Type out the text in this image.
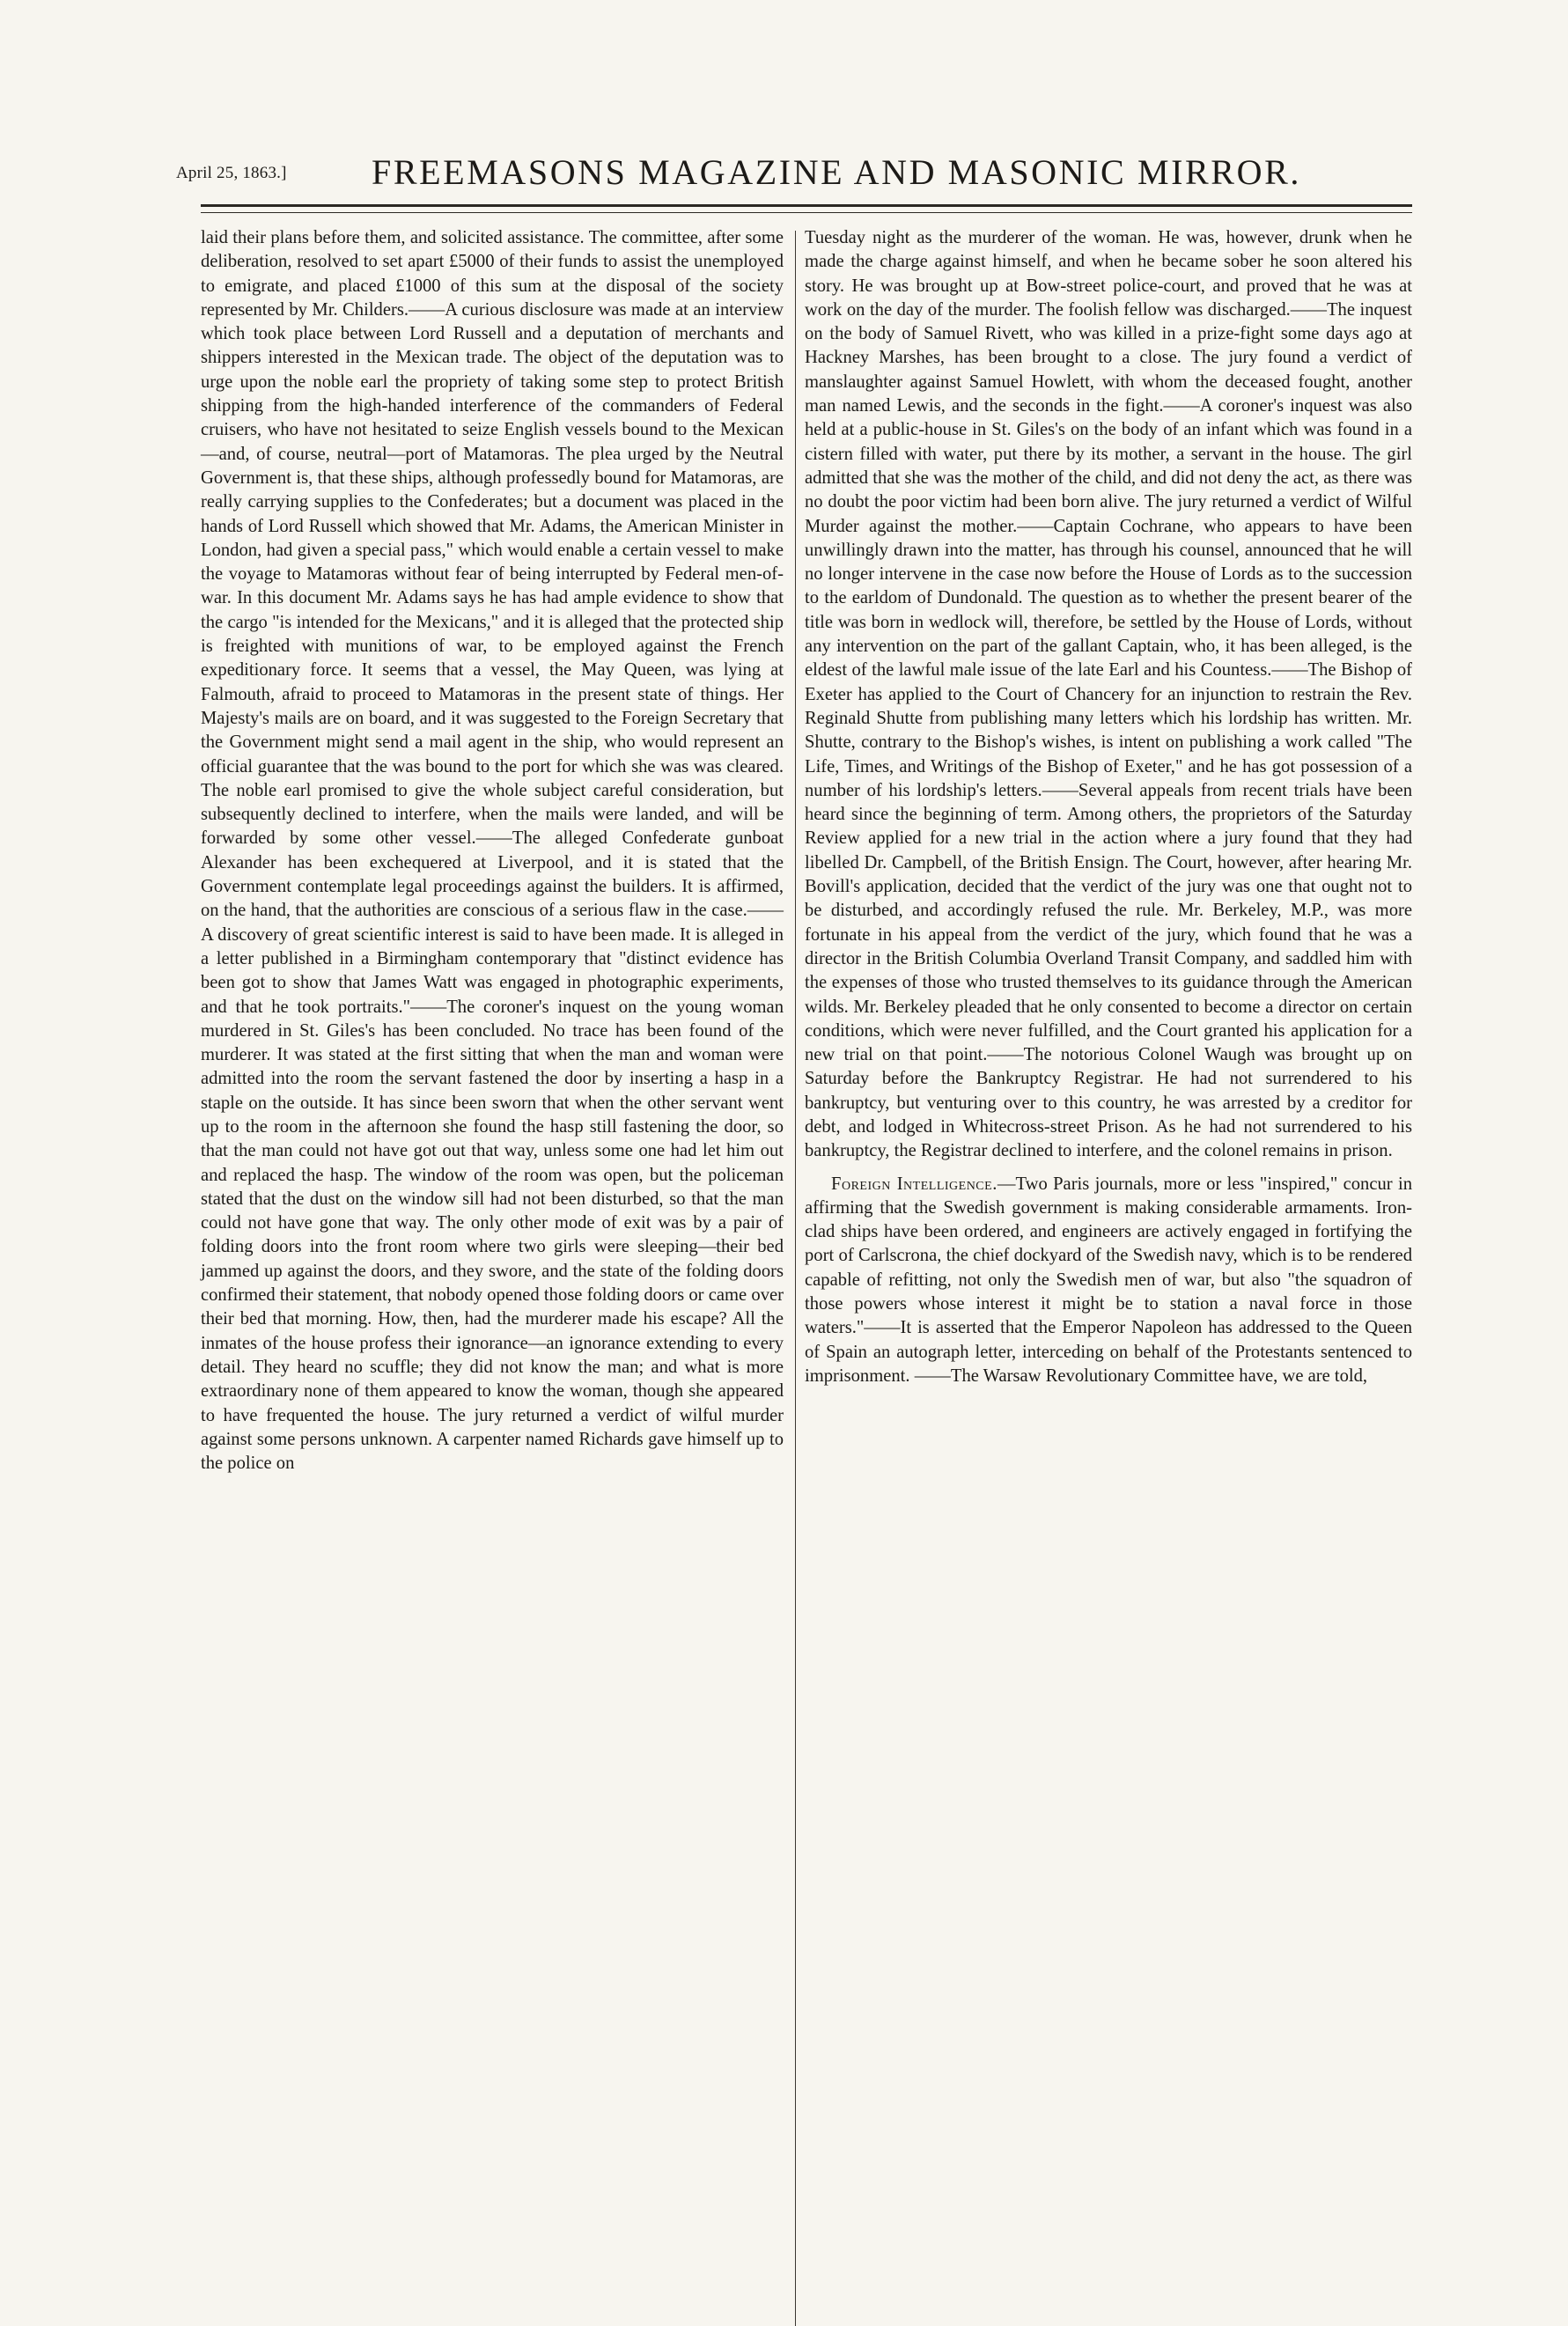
April 25, 1863.] FREEMASONS MAGAZINE AND MASONIC MIRROR.

laid their plans before them, and solicited assistance. The committee, after some deliberation, resolved to set apart £5000 of their funds to assist the unemployed to emigrate, and placed £1000 of this sum at the disposal of the society represented by Mr. Childers.——A curious disclosure was made at an interview which took place between Lord Russell and a deputation of merchants and shippers interested in the Mexican trade. The object of the deputation was to urge upon the noble earl the propriety of taking some step to protect British shipping from the high-handed interference of the commanders of Federal cruisers, who have not hesitated to seize English vessels bound to the Mexican—and, of course, neutral—port of Matamoras. The plea urged by the Neutral Government is, that these ships, although professedly bound for Matamoras, are really carrying supplies to the Confederates; but a document was placed in the hands of Lord Russell which showed that Mr. Adams, the American Minister in London, had given a special pass," which would enable a certain vessel to make the voyage to Matamoras without fear of being interrupted by Federal men-of-war. In this document Mr. Adams says he has had ample evidence to show that the cargo "is intended for the Mexicans," and it is alleged that the protected ship is freighted with munitions of war, to be employed against the French expeditionary force. It seems that a vessel, the May Queen, was lying at Falmouth, afraid to proceed to Matamoras in the present state of things. Her Majesty's mails are on board, and it was suggested to the Foreign Secretary that the Government might send a mail agent in the ship, who would represent an official guarantee that the was bound to the port for which she was was cleared. The noble earl promised to give the whole subject careful consideration, but subsequently declined to interfere, when the mails were landed, and will be forwarded by some other vessel.——The alleged Confederate gunboat Alexander has been exchequered at Liverpool, and it is stated that the Government contemplate legal proceedings against the builders. It is affirmed, on the hand, that the authorities are conscious of a serious flaw in the case.——A discovery of great scientific interest is said to have been made. It is alleged in a letter published in a Birmingham contemporary that "distinct evidence has been got to show that James Watt was engaged in photographic experiments, and that he took portraits."——The coroner's inquest on the young woman murdered in St. Giles's has been concluded. No trace has been found of the murderer. It was stated at the first sitting that when the man and woman were admitted into the room the servant fastened the door by inserting a hasp in a staple on the outside. It has since been sworn that when the other servant went up to the room in the afternoon she found the hasp still fastening the door, so that the man could not have got out that way, unless some one had let him out and replaced the hasp. The window of the room was open, but the policeman stated that the dust on the window sill had not been disturbed, so that the man could not have gone that way. The only other mode of exit was by a pair of folding doors into the front room where two girls were sleeping—their bed jammed up against the doors, and they swore, and the state of the folding doors confirmed their statement, that nobody opened those folding doors or came over their bed that morning. How, then, had the murderer made his escape? All the inmates of the house profess their ignorance—an ignorance extending to every detail. They heard no scuffle; they did not know the man; and what is more extraordinary none of them appeared to know the woman, though she appeared to have frequented the house. The jury returned a verdict of wilful murder against some persons unknown. A carpenter named Richards gave himself up to the police on

Tuesday night as the murderer of the woman. He was, however, drunk when he made the charge against himself, and when he became sober he soon altered his story. He was brought up at Bow-street police-court, and proved that he was at work on the day of the murder. The foolish fellow was discharged.——The inquest on the body of Samuel Rivett, who was killed in a prize-fight some days ago at Hackney Marshes, has been brought to a close. The jury found a verdict of manslaughter against Samuel Howlett, with whom the deceased fought, another man named Lewis, and the seconds in the fight.——A coroner's inquest was also held at a public-house in St. Giles's on the body of an infant which was found in a cistern filled with water, put there by its mother, a servant in the house. The girl admitted that she was the mother of the child, and did not deny the act, as there was no doubt the poor victim had been born alive. The jury returned a verdict of Wilful Murder against the mother.——Captain Cochrane, who appears to have been unwillingly drawn into the matter, has through his counsel, announced that he will no longer intervene in the case now before the House of Lords as to the succession to the earldom of Dundonald. The question as to whether the present bearer of the title was born in wedlock will, therefore, be settled by the House of Lords, without any intervention on the part of the gallant Captain, who, it has been alleged, is the eldest of the lawful male issue of the late Earl and his Countess.——The Bishop of Exeter has applied to the Court of Chancery for an injunction to restrain the Rev. Reginald Shutte from publishing many letters which his lordship has written. Mr. Shutte, contrary to the Bishop's wishes, is intent on publishing a work called "The Life, Times, and Writings of the Bishop of Exeter," and he has got possession of a number of his lordship's letters.——Several appeals from recent trials have been heard since the beginning of term. Among others, the proprietors of the Saturday Review applied for a new trial in the action where a jury found that they had libelled Dr. Campbell, of the British Ensign. The Court, however, after hearing Mr. Bovill's application, decided that the verdict of the jury was one that ought not to be disturbed, and accordingly refused the rule. Mr. Berkeley, M.P., was more fortunate in his appeal from the verdict of the jury, which found that he was a director in the British Columbia Overland Transit Company, and saddled him with the expenses of those who trusted themselves to its guidance through the American wilds. Mr. Berkeley pleaded that he only consented to become a director on certain conditions, which were never fulfilled, and the Court granted his application for a new trial on that point.——The notorious Colonel Waugh was brought up on Saturday before the Bankruptcy Registrar. He had not surrendered to his bankruptcy, but venturing over to this country, he was arrested by a creditor for debt, and lodged in Whitecross-street Prison. As he had not surrendered to his bankruptcy, the Registrar declined to interfere, and the colonel remains in prison.

Foreign Intelligence.—Two Paris journals, more or less "inspired," concur in affirming that the Swedish government is making considerable armaments. Iron-clad ships have been ordered, and engineers are actively engaged in fortifying the port of Carlscrona, the chief dockyard of the Swedish navy, which is to be rendered capable of refitting, not only the Swedish men of war, but also "the squadron of those powers whose interest it might be to station a naval force in those waters."——It is asserted that the Emperor Napoleon has addressed to the Queen of Spain an autograph letter, interceding on behalf of the Protestants sentenced to imprisonment. ——The Warsaw Revolutionary Committee have, we are told,
